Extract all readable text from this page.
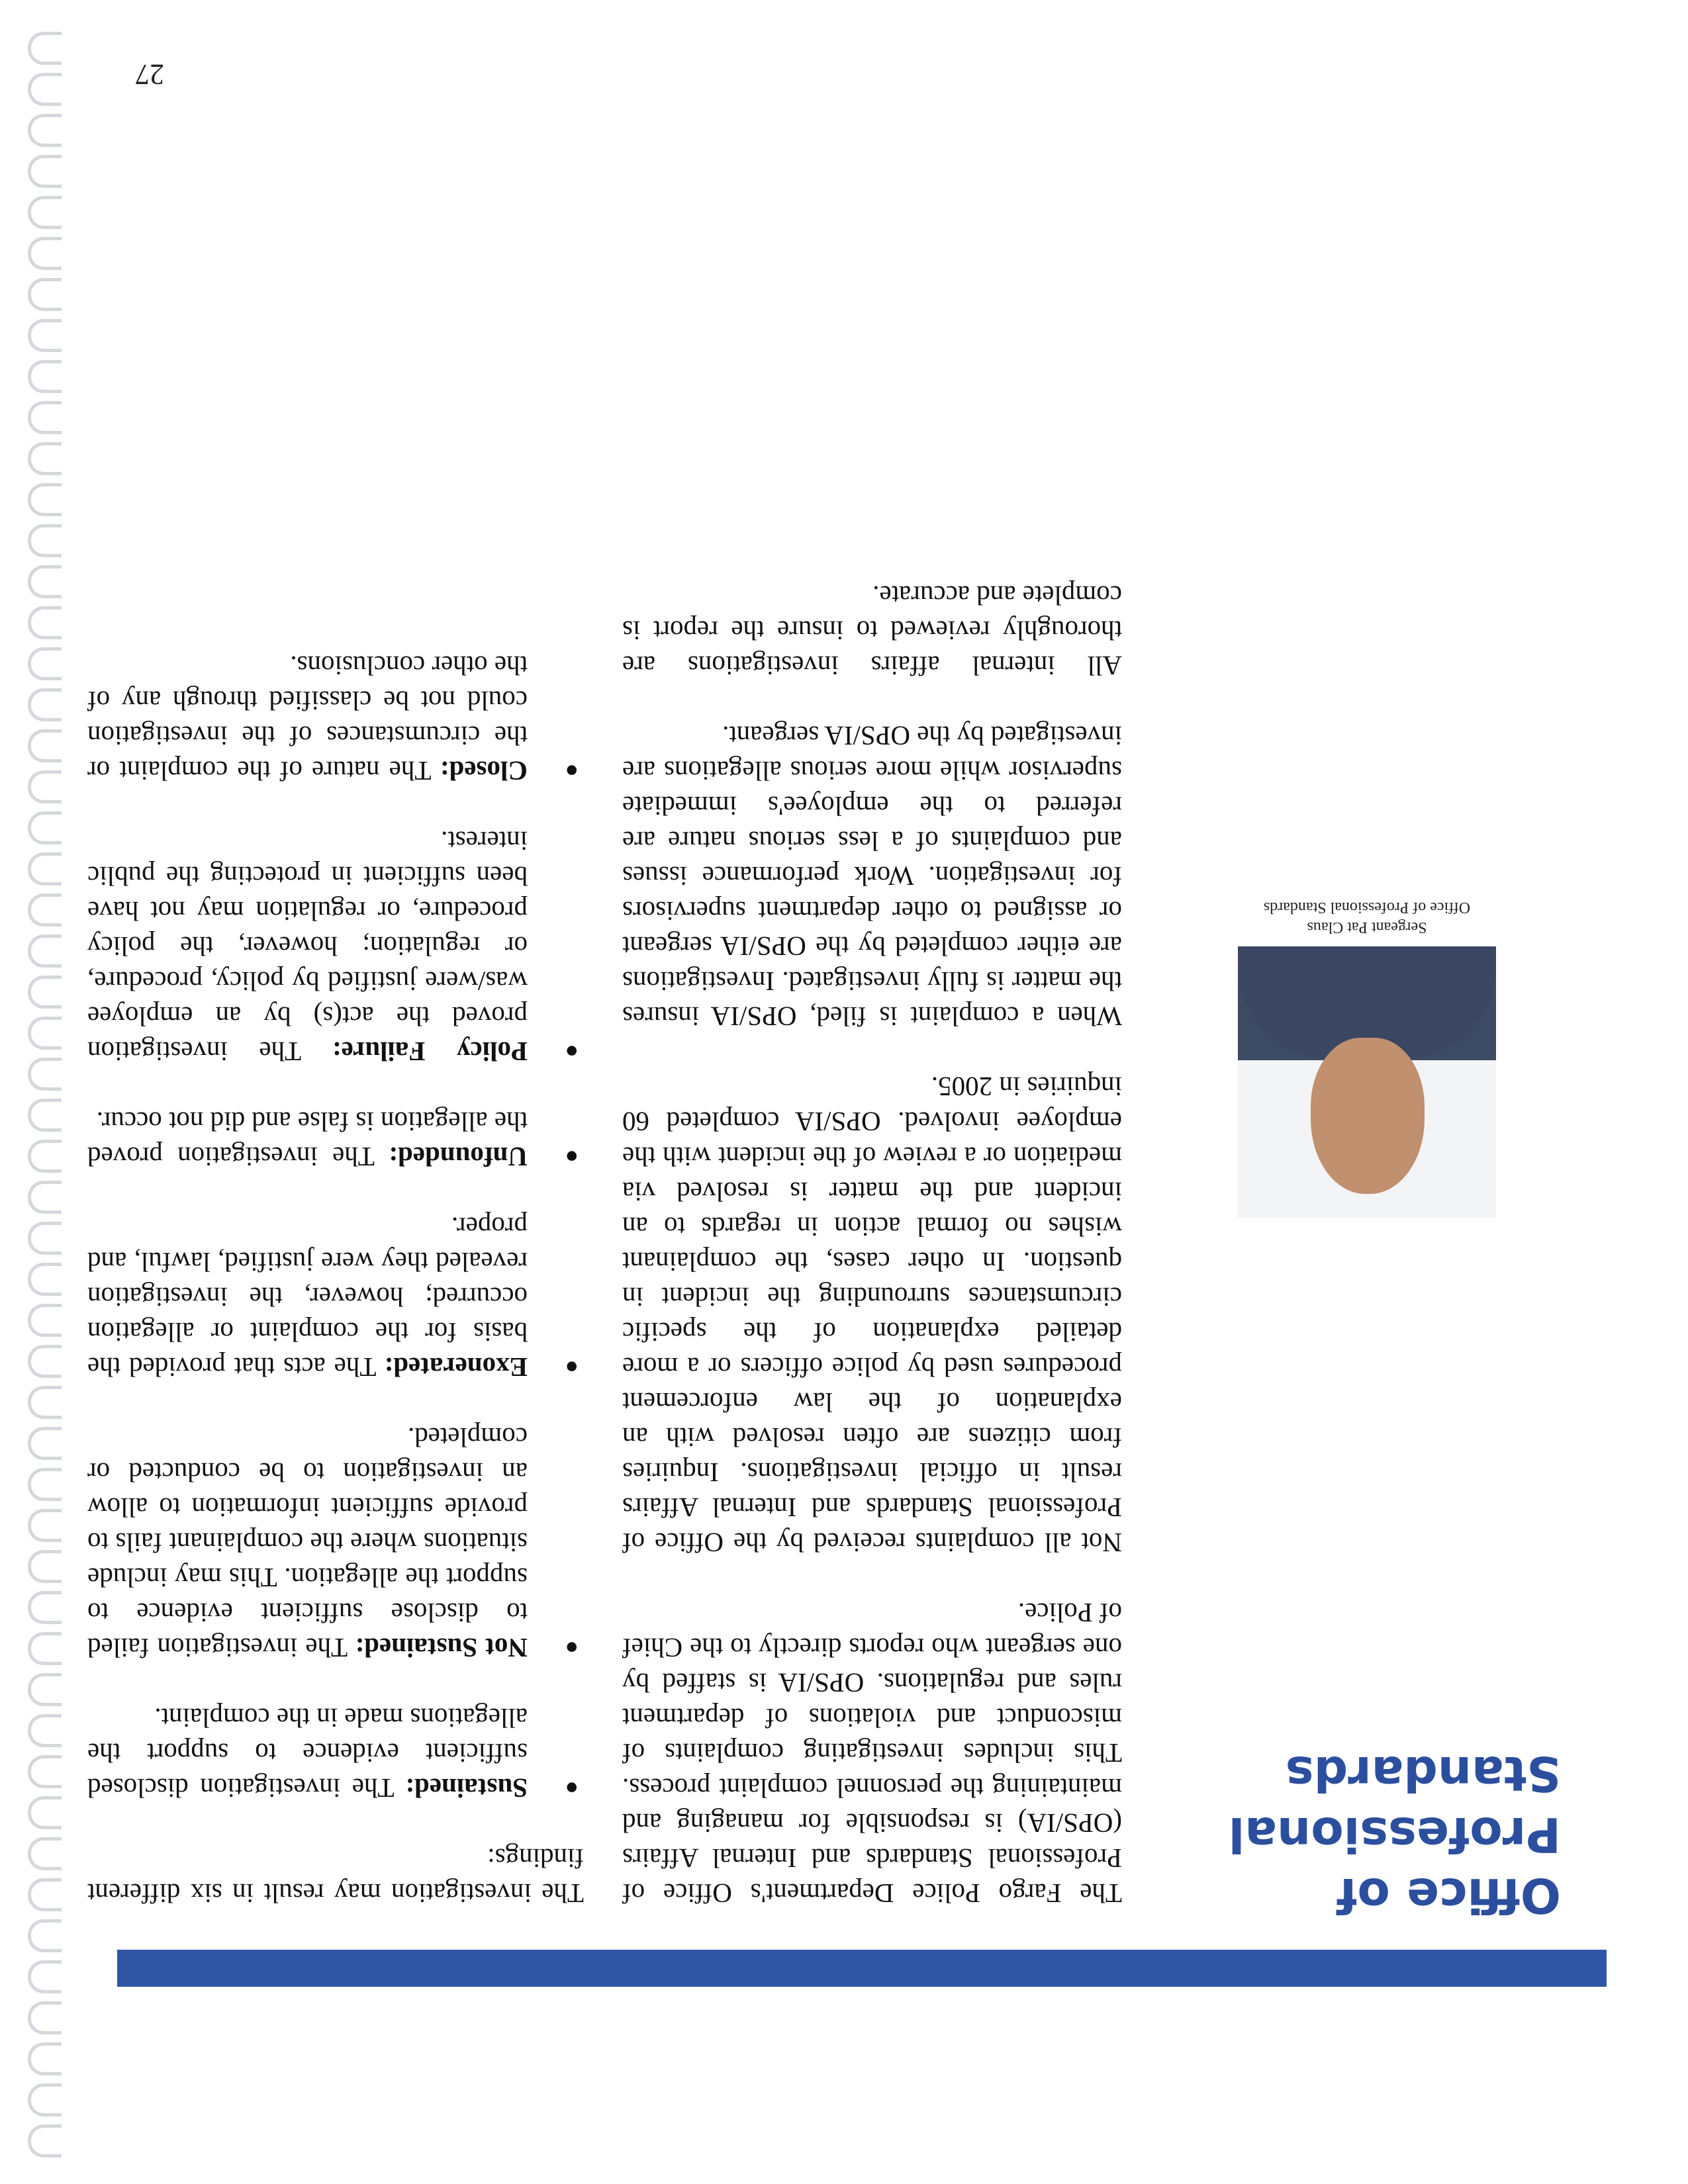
Office of
Professional
Standards
Sergeant Pat Claus
Office of Professional Standards

The Fargo Police Department's Office of Professional Standards and Internal Affairs (OPS/IA) is responsible for managing and maintaining the personnel complaint process. This includes investigating complaints of misconduct and violations of department rules and regulations. OPS/IA is staffed by one sergeant who reports directly to the Chief of Police.

Not all complaints received by the Office of Professional Standards and Internal Affairs result in official investigations. Inquiries from citizens are often resolved with an explanation of the law enforcement procedures used by police officers or a more detailed explanation of the specific circumstances surrounding the incident in question. In other cases, the complainant wishes no formal action in regards to an incident and the matter is resolved via mediation or a review of the incident with the employee involved. OPS/IA completed 60 inquiries in 2005.

When a complaint is filed, OPS/IA insures the matter is fully investigated. Investigations are either completed by the OPS/IA sergeant or assigned to other department supervisors for investigation. Work performance issues and complaints of a less serious nature are referred to the employee's immediate supervisor while more serious allegations are investigated by the OPS/IA sergeant.

All internal affairs investigations are thoroughly reviewed to insure the report is complete and accurate.

The investigation may result in six different findings:

●
Sustained: The investigation disclosed sufficient evidence to support the allegations made in the complaint.
●
Not Sustained: The investigation failed to disclose sufficient evidence to support the allegation. This may include situations where the complainant fails to provide sufficient information to allow an investigation to be conducted or completed.
●
Exonerated: The acts that provided the basis for the complaint or allegation occurred; however, the investigation revealed they were justified, lawful, and proper.
●
Unfounded: The investigation proved the allegation is false and did not occur.
●
Policy Failure: The investigation proved the act(s) by an employee was/were justified by policy, procedure, or regulation; however, the policy procedure, or regulation may not have been sufficient in protecting the public interest.
●
Closed: The nature of the complaint or the circumstances of the investigation could not be classified through any of the other conclusions.
27
